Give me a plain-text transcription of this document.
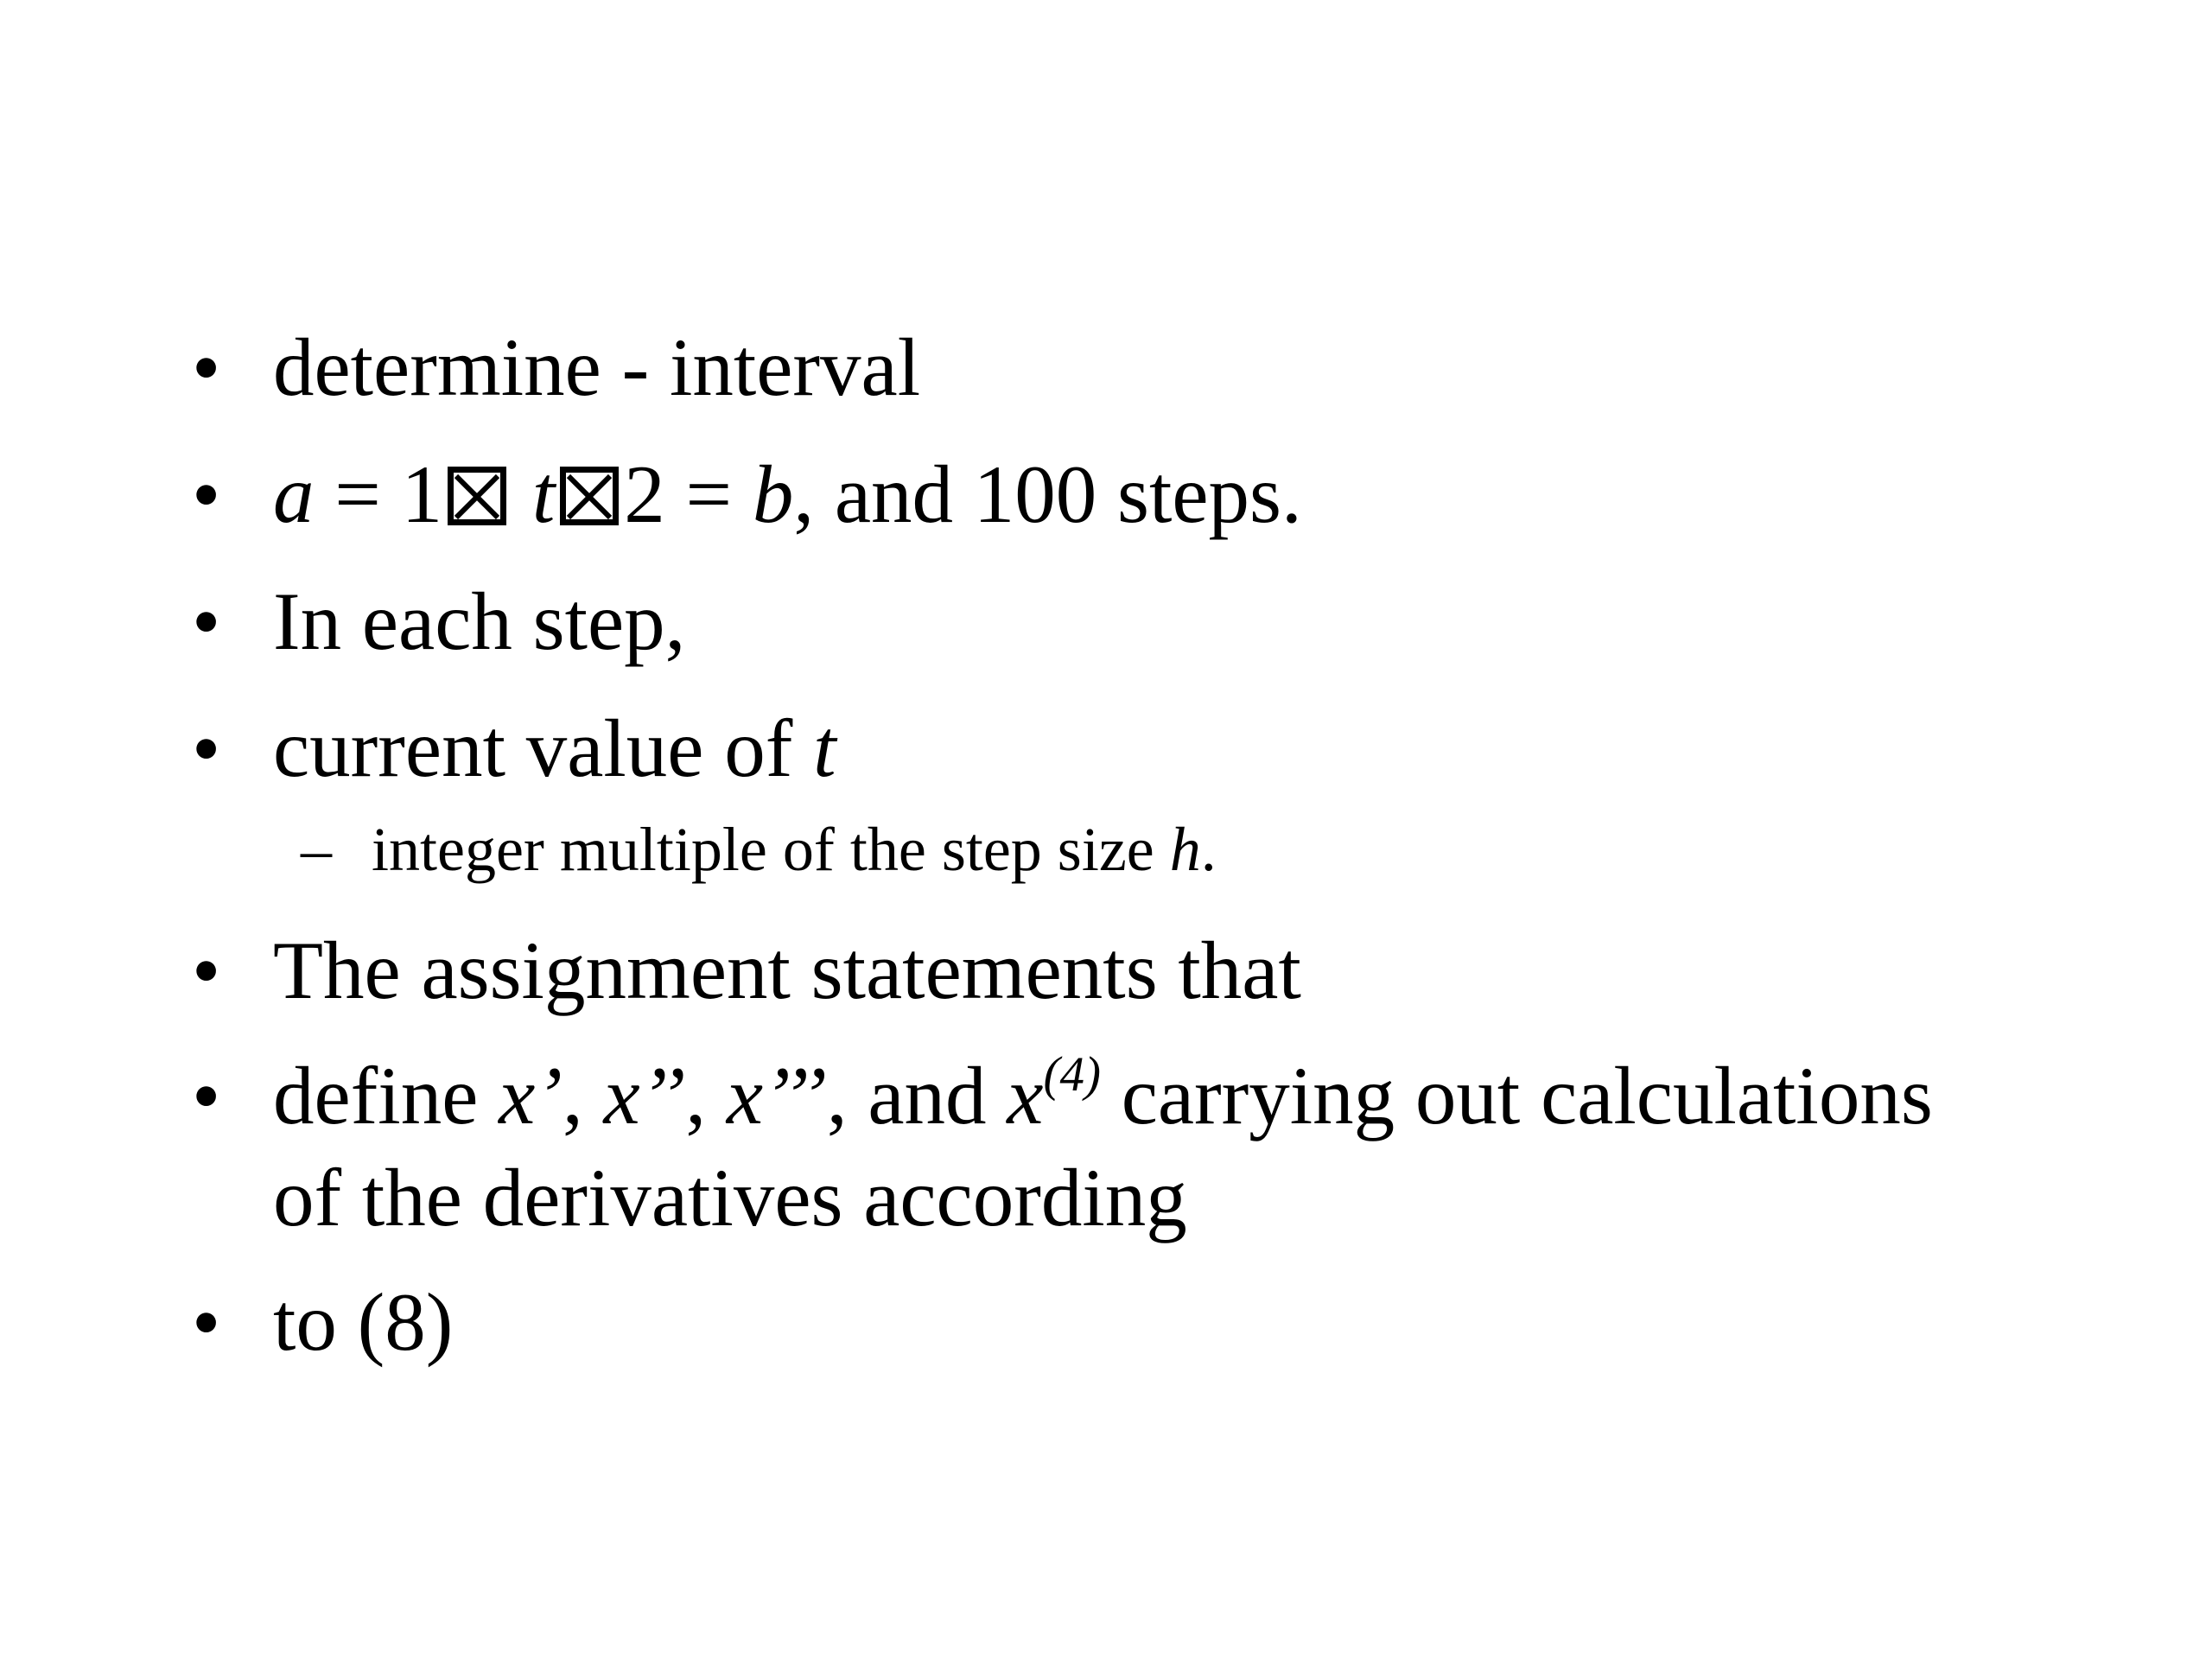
• determine - interval
• a = 1 t 2 = b, and 100 steps.
• In each step,
• current value of t
– integer multiple of the step size h.
• The assignment statements that
• define x’, x’’, x’’’, and $x^{(4)}$ carrying out calculations
of the derivatives according
• to (8)
